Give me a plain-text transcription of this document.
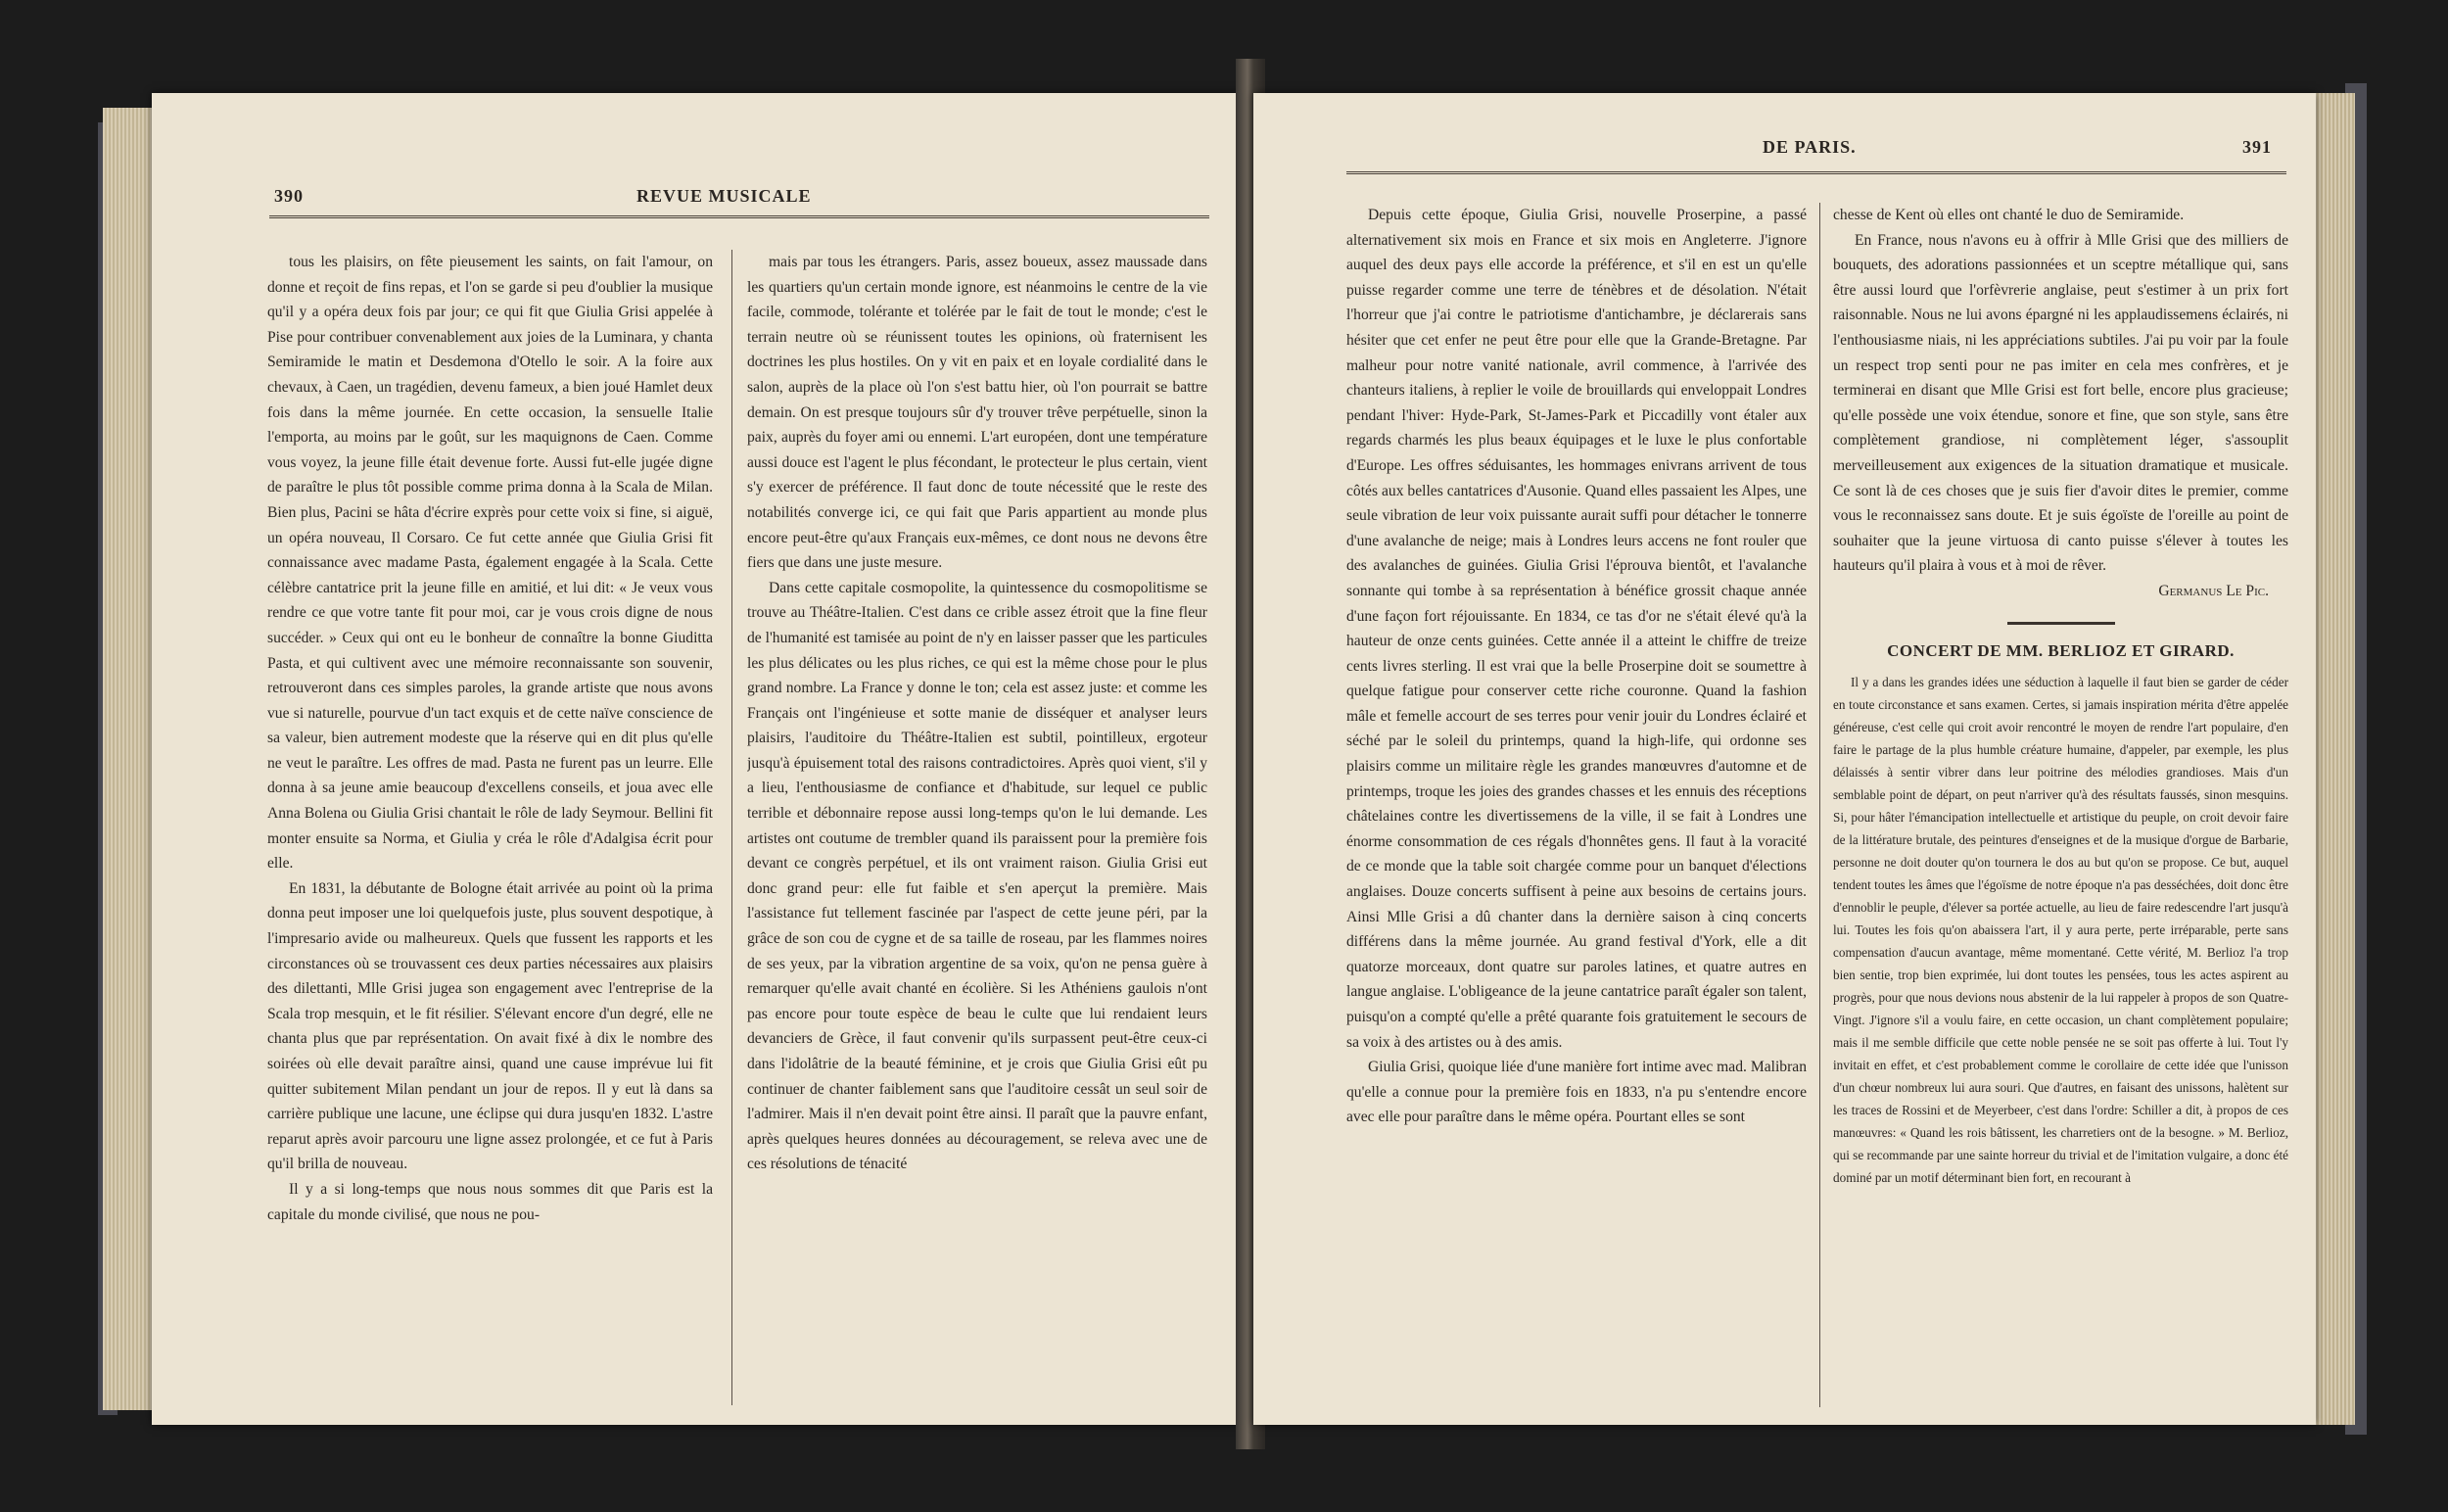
390	REVUE MUSICALE

tous les plaisirs, on fête pieusement les saints, on fait l'amour, on donne et reçoit de fins repas, et l'on se garde si peu d'oublier la musique qu'il y a opéra deux fois par jour; ce qui fit que Giulia Grisi appelée à Pise pour contribuer convenablement aux joies de la Luminara, y chanta Semiramide le matin et Desdemona d'Otello le soir. A la foire aux chevaux, à Caen, un tragédien, devenu fameux, a bien joué Hamlet deux fois dans la même journée. En cette occasion, la sensuelle Italie l'emporta, au moins par le goût, sur les maquignons de Caen. Comme vous voyez, la jeune fille était devenue forte. Aussi fut-elle jugée digne de paraître le plus tôt possible comme prima donna à la Scala de Milan. Bien plus, Pacini se hâta d'écrire exprès pour cette voix si fine, si aiguë, un opéra nouveau, Il Corsaro. Ce fut cette année que Giulia Grisi fit connaissance avec madame Pasta, également engagée à la Scala. Cette célèbre cantatrice prit la jeune fille en amitié, et lui dit: « Je veux vous rendre ce que votre tante fit pour moi, car je vous crois digne de nous succéder. » Ceux qui ont eu le bonheur de connaître la bonne Giuditta Pasta, et qui cultivent avec une mémoire reconnaissante son souvenir, retrouveront dans ces simples paroles, la grande artiste que nous avons vue si naturelle, pourvue d'un tact exquis et de cette naïve conscience de sa valeur, bien autrement modeste que la réserve qui en dit plus qu'elle ne veut le paraître. Les offres de mad. Pasta ne furent pas un leurre. Elle donna à sa jeune amie beaucoup d'excellens conseils, et joua avec elle Anna Bolena ou Giulia Grisi chantait le rôle de lady Seymour. Bellini fit monter ensuite sa Norma, et Giulia y créa le rôle d'Adalgisa écrit pour elle.

En 1831, la débutante de Bologne était arrivée au point où la prima donna peut imposer une loi quelquefois juste, plus souvent despotique, à l'impresario avide ou malheureux. Quels que fussent les rapports et les circonstances où se trouvassent ces deux parties nécessaires aux plaisirs des dilettanti, Mlle Grisi jugea son engagement avec l'entreprise de la Scala trop mesquin, et le fit résilier. S'élevant encore d'un degré, elle ne chanta plus que par représentation. On avait fixé à dix le nombre des soirées où elle devait paraître ainsi, quand une cause imprévue lui fit quitter subitement Milan pendant un jour de repos. Il y eut là dans sa carrière publique une lacune, une éclipse qui dura jusqu'en 1832. L'astre reparut après avoir parcouru une ligne assez prolongée, et ce fut à Paris qu'il brilla de nouveau.

Il y a si long-temps que nous nous sommes dit que Paris est la capitale du monde civilisé, que nous ne pou-

mais par tous les étrangers. Paris, assez boueux, assez maussade dans les quartiers qu'un certain monde ignore, est néanmoins le centre de la vie facile, commode, tolérante et tolérée par le fait de tout le monde; c'est le terrain neutre où se réunissent toutes les opinions, où fraternisent les doctrines les plus hostiles. On y vit en paix et en loyale cordialité dans le salon, auprès de la place où l'on s'est battu hier, où l'on pourrait se battre demain. On est presque toujours sûr d'y trouver trêve perpétuelle, sinon la paix, auprès du foyer ami ou ennemi. L'art européen, dont une température aussi douce est l'agent le plus fécondant, le protecteur le plus certain, vient s'y exercer de préférence. Il faut donc de toute nécessité que le reste des notabilités converge ici, ce qui fait que Paris appartient au monde plus encore peut-être qu'aux Français eux-mêmes, ce dont nous ne devons être fiers que dans une juste mesure.

Dans cette capitale cosmopolite, la quintessence du cosmopolitisme se trouve au Théâtre-Italien. C'est dans ce crible assez étroit que la fine fleur de l'humanité est tamisée au point de n'y en laisser passer que les particules les plus délicates ou les plus riches, ce qui est la même chose pour le plus grand nombre. La France y donne le ton; cela est assez juste: et comme les Français ont l'ingénieuse et sotte manie de disséquer et analyser leurs plaisirs, l'auditoire du Théâtre-Italien est subtil, pointilleux, ergoteur jusqu'à épuisement total des raisons contradictoires. Après quoi vient, s'il y a lieu, l'enthousiasme de confiance et d'habitude, sur lequel ce public terrible et débonnaire repose aussi long-temps qu'on le lui demande. Les artistes ont coutume de trembler quand ils paraissent pour la première fois devant ce congrès perpétuel, et ils ont vraiment raison. Giulia Grisi eut donc grand peur: elle fut faible et s'en aperçut la première. Mais l'assistance fut tellement fascinée par l'aspect de cette jeune péri, par la grâce de son cou de cygne et de sa taille de roseau, par les flammes noires de ses yeux, par la vibration argentine de sa voix, qu'on ne pensa guère à remarquer qu'elle avait chanté en écolière. Si les Athéniens gaulois n'ont pas encore pour toute espèce de beau le culte que lui rendaient leurs devanciers de Grèce, il faut convenir qu'ils surpassent peut-être ceux-ci dans l'idolâtrie de la beauté féminine, et je crois que Giulia Grisi eût pu continuer de chanter faiblement sans que l'auditoire cessât un seul soir de l'admirer. Mais il n'en devait point être ainsi. Il paraît que la pauvre enfant, après quelques heures données au découragement, se releva avec une de ces résolutions de ténacité

DE PARIS.	391

Depuis cette époque, Giulia Grisi, nouvelle Proserpine, a passé alternativement six mois en France et six mois en Angleterre. J'ignore auquel des deux pays elle accorde la préférence, et s'il en est un qu'elle puisse regarder comme une terre de ténèbres et de désolation. N'était l'horreur que j'ai contre le patriotisme d'antichambre, je déclarerais sans hésiter que cet enfer ne peut être pour elle que la Grande-Bretagne. Par malheur pour notre vanité nationale, avril commence, à l'arrivée des chanteurs italiens, à replier le voile de brouillards qui enveloppait Londres pendant l'hiver: Hyde-Park, St-James-Park et Piccadilly vont étaler aux regards charmés les plus beaux équipages et le luxe le plus confortable d'Europe. Les offres séduisantes, les hommages enivrans arrivent de tous côtés aux belles cantatrices d'Ausonie. Quand elles passaient les Alpes, une seule vibration de leur voix puissante aurait suffi pour détacher le tonnerre d'une avalanche de neige; mais à Londres leurs accens ne font rouler que des avalanches de guinées. Giulia Grisi l'éprouva bientôt, et l'avalanche sonnante qui tombe à sa représentation à bénéfice grossit chaque année d'une façon fort réjouissante. En 1834, ce tas d'or ne s'était élevé qu'à la hauteur de onze cents guinées. Cette année il a atteint le chiffre de treize cents livres sterling. Il est vrai que la belle Proserpine doit se soumettre à quelque fatigue pour conserver cette riche couronne. Quand la fashion mâle et femelle accourt de ses terres pour venir jouir du Londres éclairé et séché par le soleil du printemps, quand la high-life, qui ordonne ses plaisirs comme un militaire règle les grandes manœuvres d'automne et de printemps, troque les joies des grandes chasses et les ennuis des réceptions châtelaines contre les divertissemens de la ville, il se fait à Londres une énorme consommation de ces régals d'honnêtes gens. Il faut à la voracité de ce monde que la table soit chargée comme pour un banquet d'élections anglaises. Douze concerts suffisent à peine aux besoins de certains jours. Ainsi Mlle Grisi a dû chanter dans la dernière saison à cinq concerts différens dans la même journée. Au grand festival d'York, elle a dit quatorze morceaux, dont quatre sur paroles latines, et quatre autres en langue anglaise. L'obligeance de la jeune cantatrice paraît égaler son talent, puisqu'on a compté qu'elle a prêté quarante fois gratuitement le secours de sa voix à des artistes ou à des amis.

Giulia Grisi, quoique liée d'une manière fort intime avec mad. Malibran qu'elle a connue pour la première fois en 1833, n'a pu s'entendre encore avec elle pour paraître dans le même opéra. Pourtant elles se sont

chesse de Kent où elles ont chanté le duo de Semiramide.

En France, nous n'avons eu à offrir à Mlle Grisi que des milliers de bouquets, des adorations passionnées et un sceptre métallique qui, sans être aussi lourd que l'orfèvrerie anglaise, peut s'estimer à un prix fort raisonnable. Nous ne lui avons épargné ni les applaudissemens éclairés, ni l'enthousiasme niais, ni les appréciations subtiles. J'ai pu voir par la foule un respect trop senti pour ne pas imiter en cela mes confrères, et je terminerai en disant que Mlle Grisi est fort belle, encore plus gracieuse; qu'elle possède une voix étendue, sonore et fine, que son style, sans être complètement grandiose, ni complètement léger, s'assouplit merveilleusement aux exigences de la situation dramatique et musicale. Ce sont là de ces choses que je suis fier d'avoir dites le premier, comme vous le reconnaissez sans doute. Et je suis égoïste de l'oreille au point de souhaiter que la jeune virtuosa di canto puisse s'élever à toutes les hauteurs qu'il plaira à vous et à moi de rêver.

Germanus Le Pic.

CONCERT DE MM. BERLIOZ ET GIRARD.

Il y a dans les grandes idées une séduction à laquelle il faut bien se garder de céder en toute circonstance et sans examen. Certes, si jamais inspiration mérita d'être appelée généreuse, c'est celle qui croit avoir rencontré le moyen de rendre l'art populaire, d'en faire le partage de la plus humble créature humaine, d'appeler, par exemple, les plus délaissés à sentir vibrer dans leur poitrine des mélodies grandioses. Mais d'un semblable point de départ, on peut n'arriver qu'à des résultats faussés, sinon mesquins. Si, pour hâter l'émancipation intellectuelle et artistique du peuple, on croit devoir faire de la littérature brutale, des peintures d'enseignes et de la musique d'orgue de Barbarie, personne ne doit douter qu'on tournera le dos au but qu'on se propose. Ce but, auquel tendent toutes les âmes que l'égoïsme de notre époque n'a pas desséchées, doit donc être d'ennoblir le peuple, d'élever sa portée actuelle, au lieu de faire redescendre l'art jusqu'à lui. Toutes les fois qu'on abaissera l'art, il y aura perte, perte irréparable, perte sans compensation d'aucun avantage, même momentané. Cette vérité, M. Berlioz l'a trop bien sentie, trop bien exprimée, lui dont toutes les pensées, tous les actes aspirent au progrès, pour que nous devions nous abstenir de la lui rappeler à propos de son Quatre-Vingt. J'ignore s'il a voulu faire, en cette occasion, un chant complètement populaire; mais il me semble difficile que cette noble pensée ne se soit pas offerte à lui. Tout l'y invitait en effet, et c'est probablement comme le corollaire de cette idée que l'unisson d'un chœur nombreux lui aura souri. Que d'autres, en faisant des unissons, halètent sur les traces de Rossini et de Meyerbeer, c'est dans l'ordre: Schiller a dit, à propos de ces manœuvres: « Quand les rois bâtissent, les charretiers ont de la besogne. » M. Berlioz, qui se recommande par une sainte horreur du trivial et de l'imitation vulgaire, a donc été dominé par un motif déterminant bien fort, en recourant à
